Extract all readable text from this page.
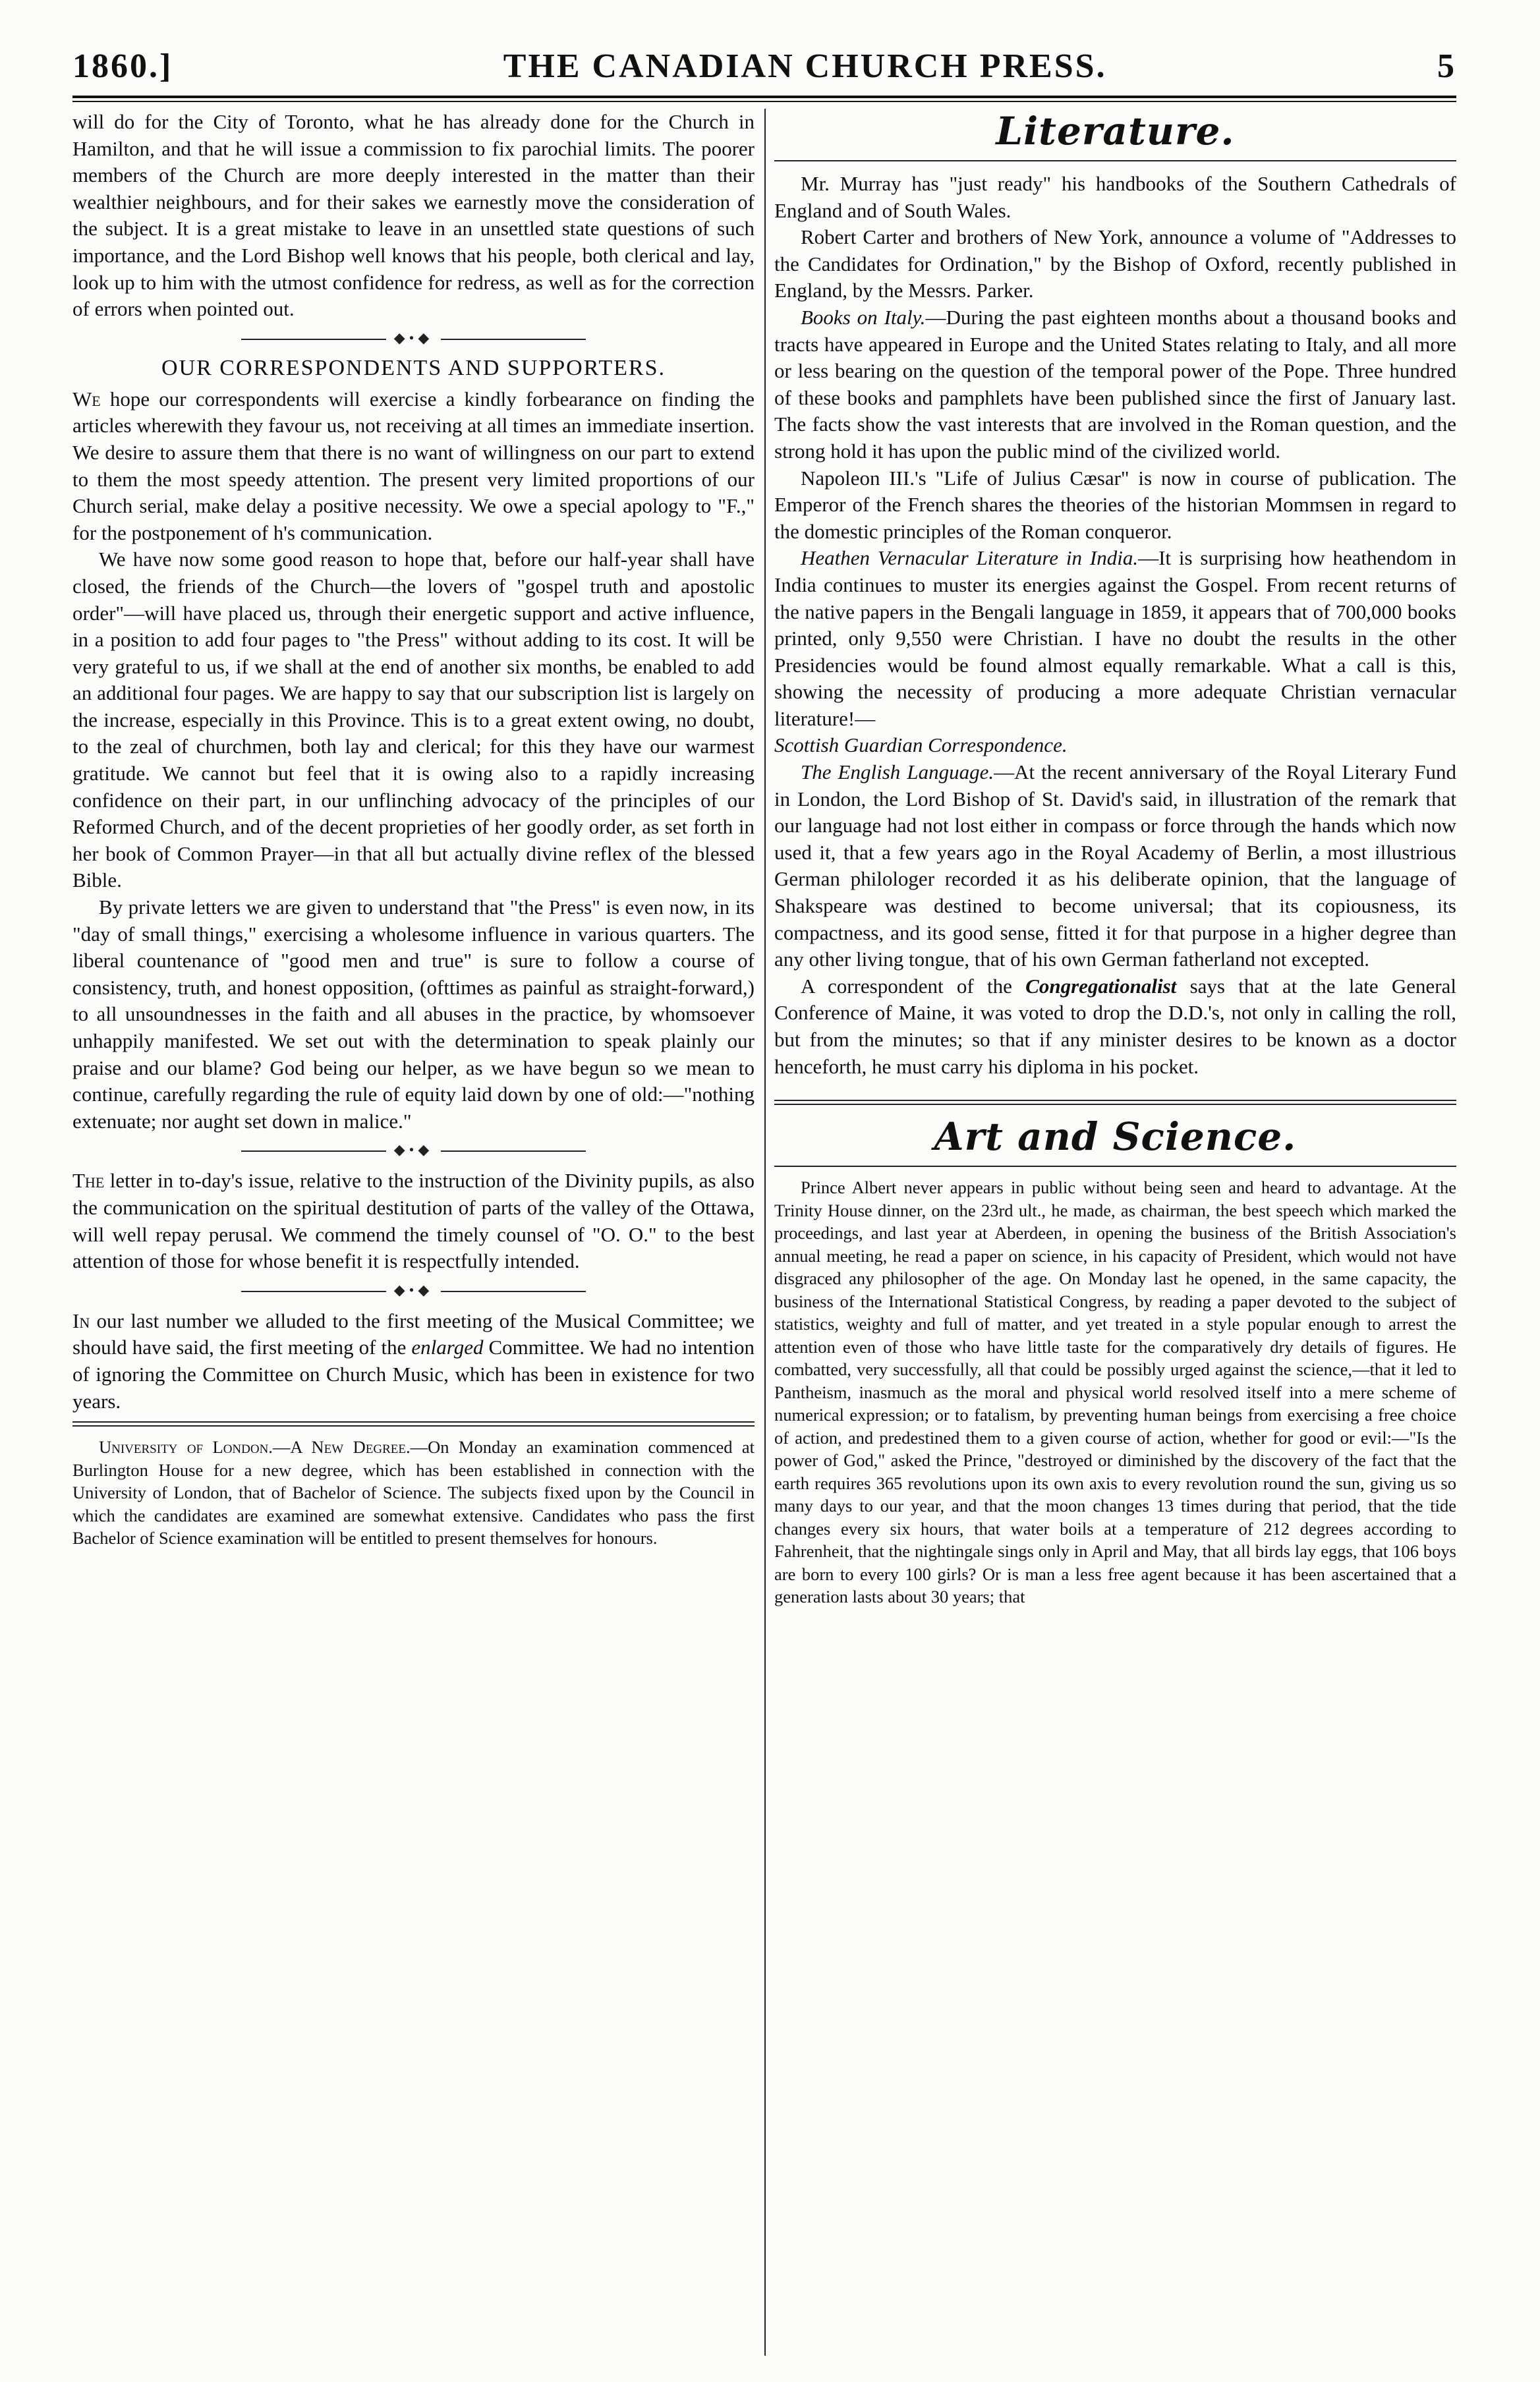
1860.]	THE CANADIAN CHURCH PRESS.	5

will do for the City of Toronto, what he has already done for the Church in Hamilton, and that he will issue a commission to fix parochial limits. The poorer members of the Church are more deeply interested in the matter than their wealthier neighbours, and for their sakes we earnestly move the consideration of the subject. It is a great mistake to leave in an unsettled state questions of such importance, and the Lord Bishop well knows that his people, both clerical and lay, look up to him with the utmost confidence for redress, as well as for the correction of errors when pointed out.

◆•◆
OUR CORRESPONDENTS AND SUPPORTERS.

We hope our correspondents will exercise a kindly forbearance on finding the articles wherewith they favour us, not receiving at all times an immediate insertion. We desire to assure them that there is no want of willingness on our part to extend to them the most speedy attention. The present very limited proportions of our Church serial, make delay a positive necessity. We owe a special apology to "F.," for the postponement of h's communication.

We have now some good reason to hope that, before our half-year shall have closed, the friends of the Church—the lovers of "gospel truth and apostolic order"—will have placed us, through their energetic support and active influence, in a position to add four pages to "the Press" without adding to its cost. It will be very grateful to us, if we shall at the end of another six months, be enabled to add an additional four pages. We are happy to say that our subscription list is largely on the increase, especially in this Province. This is to a great extent owing, no doubt, to the zeal of churchmen, both lay and clerical; for this they have our warmest gratitude. We cannot but feel that it is owing also to a rapidly increasing confidence on their part, in our unflinching advocacy of the principles of our Reformed Church, and of the decent proprieties of her goodly order, as set forth in her book of Common Prayer—in that all but actually divine reflex of the blessed Bible.

By private letters we are given to understand that "the Press" is even now, in its "day of small things," exercising a wholesome influence in various quarters. The liberal countenance of "good men and true" is sure to follow a course of consistency, truth, and honest opposition, (ofttimes as painful as straight-forward,) to all unsoundnesses in the faith and all abuses in the practice, by whomsoever unhappily manifested. We set out with the determination to speak plainly our praise and our blame? God being our helper, as we have begun so we mean to continue, carefully regarding the rule of equity laid down by one of old:—"nothing extenuate; nor aught set down in malice."

◆•◆

The letter in to-day's issue, relative to the instruction of the Divinity pupils, as also the communication on the spiritual destitution of parts of the valley of the Ottawa, will well repay perusal. We commend the timely counsel of "O. O." to the best attention of those for whose benefit it is respectfully intended.

◆•◆

In our last number we alluded to the first meeting of the Musical Committee; we should have said, the first meeting of the enlarged Committee. We had no intention of ignoring the Committee on Church Music, which has been in existence for two years.

University of London.—A New Degree.—On Monday an examination commenced at Burlington House for a new degree, which has been established in connection with the University of London, that of Bachelor of Science. The subjects fixed upon by the Council in which the candidates are examined are somewhat extensive. Candidates who pass the first Bachelor of Science examination will be entitled to present themselves for honours.

Literature.

Mr. Murray has "just ready" his handbooks of the Southern Cathedrals of England and of South Wales.

Robert Carter and brothers of New York, announce a volume of "Addresses to the Candidates for Ordination," by the Bishop of Oxford, recently published in England, by the Messrs. Parker.

Books on Italy.—During the past eighteen months about a thousand books and tracts have appeared in Europe and the United States relating to Italy, and all more or less bearing on the question of the temporal power of the Pope. Three hundred of these books and pamphlets have been published since the first of January last. The facts show the vast interests that are involved in the Roman question, and the strong hold it has upon the public mind of the civilized world.

Napoleon III.'s "Life of Julius Cæsar" is now in course of publication. The Emperor of the French shares the theories of the historian Mommsen in regard to the domestic principles of the Roman conqueror.

Heathen Vernacular Literature in India.—It is surprising how heathendom in India continues to muster its energies against the Gospel. From recent returns of the native papers in the Bengali language in 1859, it appears that of 700,000 books printed, only 9,550 were Christian. I have no doubt the results in the other Presidencies would be found almost equally remarkable. What a call is this, showing the necessity of producing a more adequate Christian vernacular literature!—
Scottish Guardian Correspondence.

The English Language.—At the recent anniversary of the Royal Literary Fund in London, the Lord Bishop of St. David's said, in illustration of the remark that our language had not lost either in compass or force through the hands which now used it, that a few years ago in the Royal Academy of Berlin, a most illustrious German philologer recorded it as his deliberate opinion, that the language of Shakspeare was destined to become universal; that its copiousness, its compactness, and its good sense, fitted it for that purpose in a higher degree than any other living tongue, that of his own German fatherland not excepted.

A correspondent of the Congregationalist says that at the late General Conference of Maine, it was voted to drop the D.D.'s, not only in calling the roll, but from the minutes; so that if any minister desires to be known as a doctor henceforth, he must carry his diploma in his pocket.

Art and Science.

Prince Albert never appears in public without being seen and heard to advantage. At the Trinity House dinner, on the 23rd ult., he made, as chairman, the best speech which marked the proceedings, and last year at Aberdeen, in opening the business of the British Association's annual meeting, he read a paper on science, in his capacity of President, which would not have disgraced any philosopher of the age. On Monday last he opened, in the same capacity, the business of the International Statistical Congress, by reading a paper devoted to the subject of statistics, weighty and full of matter, and yet treated in a style popular enough to arrest the attention even of those who have little taste for the comparatively dry details of figures. He combatted, very successfully, all that could be possibly urged against the science,—that it led to Pantheism, inasmuch as the moral and physical world resolved itself into a mere scheme of numerical expression; or to fatalism, by preventing human beings from exercising a free choice of action, and predestined them to a given course of action, whether for good or evil:—"Is the power of God," asked the Prince, "destroyed or diminished by the discovery of the fact that the earth requires 365 revolutions upon its own axis to every revolution round the sun, giving us so many days to our year, and that the moon changes 13 times during that period, that the tide changes every six hours, that water boils at a temperature of 212 degrees according to Fahrenheit, that the nightingale sings only in April and May, that all birds lay eggs, that 106 boys are born to every 100 girls? Or is man a less free agent because it has been ascertained that a generation lasts about 30 years; that
